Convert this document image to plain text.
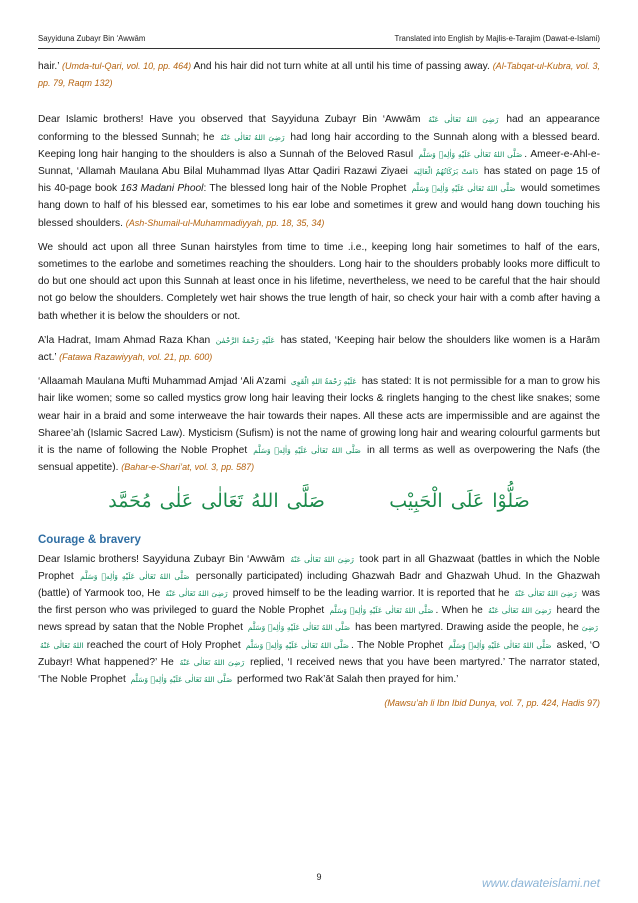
Sayyiduna Zubayr Bin ‘Awwām	Translated into English by Majlis-e-Tarajim (Dawat-e-Islami)

hair.’ (Umda-tul-Qari, vol. 10, pp. 464) And his hair did not turn white at all until his time of passing away. (Al-Tabqat-ul-Kubra, vol. 3, pp. 79, Raqm 132)

Dear Islamic brothers! Have you observed that Sayyiduna Zubayr Bin ‘Awwām رَضِیَ اللهُ تَعَالٰی عَنْهُ had an appearance conforming to the blessed Sunnah; he رَضِیَ اللهُ تَعَالٰی عَنْهُ had long hair according to the Sunnah along with a blessed beard. Keeping long hair hanging to the shoulders is also a Sunnah of the Beloved Rasul صَلَّی اللهُ تَعَالٰی عَلَیْهِ وَاٰلِهٖ وَسَلَّم . Ameer-e-Ahl-e-Sunnat, ‘Allamah Maulana Abu Bilal Muhammad Ilyas Attar Qadiri Razawi Ziyaei دَامَتْ بَرَكَاتُهُمُ الْعَالِیَه has stated on page 15 of his 40-page book 163 Madani Phool: The blessed long hair of the Noble Prophet صَلَّی اللهُ تَعَالٰی عَلَیْهِ وَاٰلِهٖ وَسَلَّم would sometimes hang down to half of his blessed ear, sometimes to his ear lobe and sometimes it grew and would hang down touching his blessed shoulders. (Ash-Shumail-ul-Muhammadiyyah, pp. 18, 35, 34)

We should act upon all three Sunan hairstyles from time to time .i.e., keeping long hair sometimes to half of the ears, sometimes to the earlobe and sometimes reaching the shoulders. Long hair to the shoulders probably looks more difficult to do but one should act upon this Sunnah at least once in his lifetime, nevertheless, we need to be careful that the hair should not go below the shoulders. Completely wet hair shows the true length of hair, so check your hair with a comb after having a bath whether it is below the shoulders or not.

A’la Hadrat, Imam Ahmad Raza Khan عَلَیْهِ رَحْمَةُ الرَّحْمٰن has stated, ‘Keeping hair below the shoulders like women is a Harām act.’ (Fatawa Razawiyyah, vol. 21, pp. 600)

‘Allaamah Maulana Mufti Muhammad Amjad ‘Ali A’zami عَلَیْهِ رَحْمَةُ اللهِ الْقَوِی has stated: It is not permissible for a man to grow his hair like women; some so called mystics grow long hair leaving their locks & ringlets hanging to the chest like snakes; some wear hair in a braid and some interweave the hair towards their napes. All these acts are impermissible and are against the Sharee’ah (Islamic Sacred Law). Mysticism (Sufism) is not the name of growing long hair and wearing colourful garments but it is the name of following the Noble Prophet صَلَّی اللهُ تَعَالٰی عَلَیْهِ وَاٰلِهٖ وَسَلَّم in all terms as well as overpowering the Nafs (the sensual appetite). (Bahar-e-Shari’at, vol. 3, pp. 587)

صَلُّوْا عَلَی الْحَبِیْب        صَلَّی اللهُ تَعَالٰی عَلٰی مُحَمَّد
Courage & bravery

Dear Islamic brothers! Sayyiduna Zubayr Bin ‘Awwām رَضِیَ اللهُ تَعَالٰی عَنْهُ took part in all Ghazwaat (battles in which the Noble Prophet صَلَّی اللهُ تَعَالٰی عَلَیْهِ وَاٰلِهٖ وَسَلَّم personally participated) including Ghazwah Badr and Ghazwah Uhud. In the Ghazwah (battle) of Yarmook too, He رَضِیَ اللهُ تَعَالٰی عَنْهُ proved himself to be the leading warrior. It is reported that he رَضِیَ اللهُ تَعَالٰی عَنْهُ was the first person who was privileged to guard the Noble Prophet صَلَّی اللهُ تَعَالٰی عَلَیْهِ وَاٰلِهٖ وَسَلَّم . When he رَضِیَ اللهُ تَعَالٰی عَنْهُ heard the news spread by satan that the Noble Prophet صَلَّی اللهُ تَعَالٰی عَلَیْهِ وَاٰلِهٖ وَسَلَّم has been martyred. Drawing aside the people, he رَضِیَ اللهُ تَعَالٰی عَنْهُ reached the court of Holy Prophet صَلَّی اللهُ تَعَالٰی عَلَیْهِ وَاٰلِهٖ وَسَلَّم . The Noble Prophet صَلَّی اللهُ تَعَالٰی عَلَیْهِ وَاٰلِهٖ وَسَلَّم asked, ‘O Zubayr! What happened?’ He رَضِیَ اللهُ تَعَالٰی عَنْهُ replied, ‘I received news that you have been martyred.’ The narrator stated, ‘The Noble Prophet صَلَّی اللهُ تَعَالٰی عَلَیْهِ وَاٰلِهٖ وَسَلَّم performed two Rak’āt Salah then prayed for him.’

(Mawsu’ah li Ibn Ibid Dunya, vol. 7, pp. 424, Hadis 97)
9	www.dawateislami.net
